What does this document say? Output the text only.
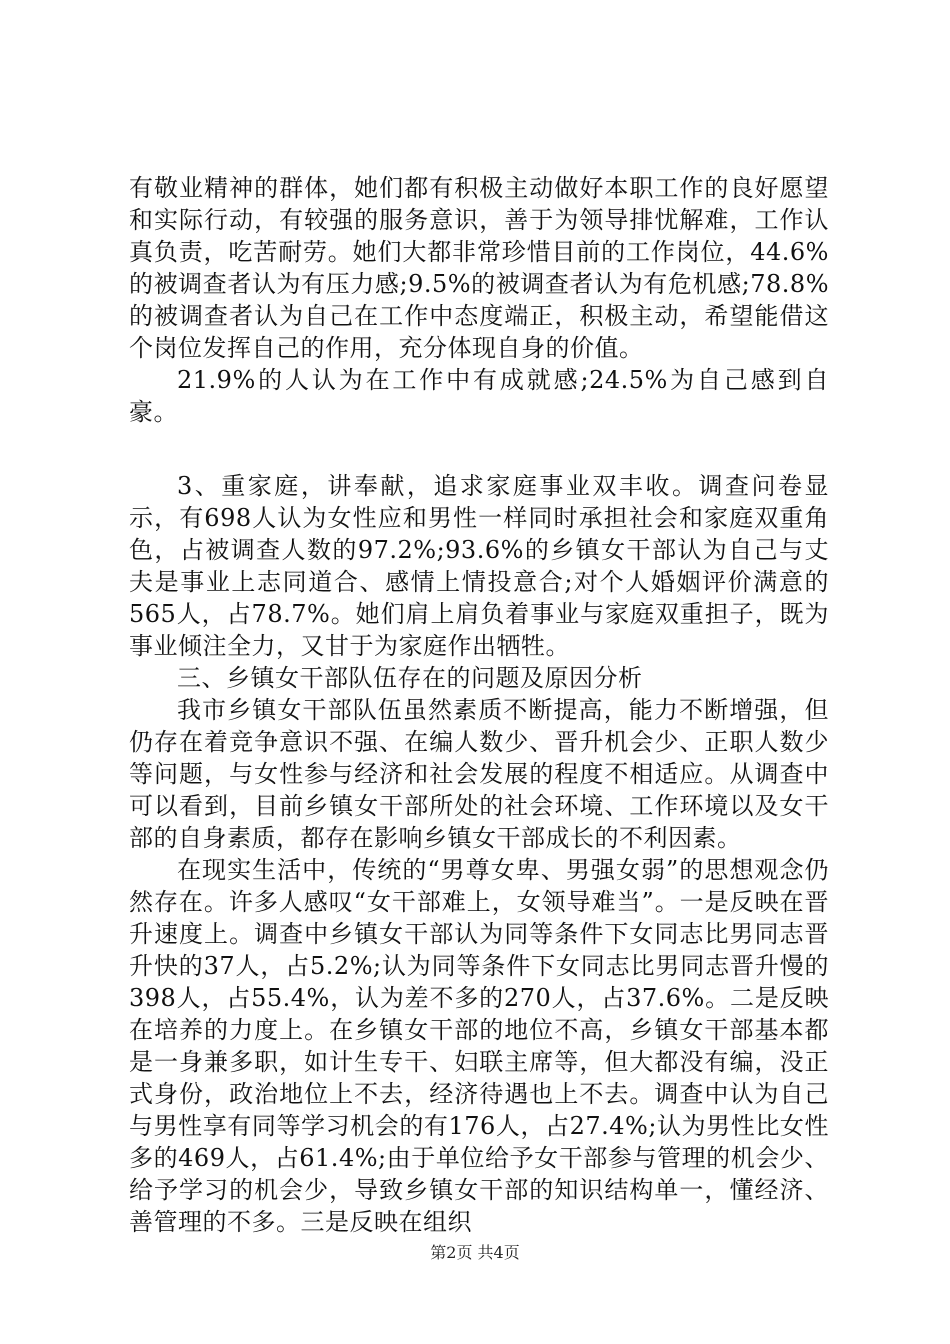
有敬业精神的群体，她们都有积极主动做好本职工作的良好愿望和实际行动，有较强的服务意识，善于为领导排忧解难，工作认真负责，吃苦耐劳。她们大都非常珍惜目前的工作岗位，44.6%的被调查者认为有压力感;9.5%的被调查者认为有危机感;78.8%的被调查者认为自己在工作中态度端正，积极主动，希望能借这个岗位发挥自己的作用，充分体现自身的价值。

21.9%的人认为在工作中有成就感;24.5%为自己感到自豪。

3、重家庭，讲奉献，追求家庭事业双丰收。调查问卷显示，有698人认为女性应和男性一样同时承担社会和家庭双重角色，占被调查人数的97.2%;93.6%的乡镇女干部认为自己与丈夫是事业上志同道合、感情上情投意合;对个人婚姻评价满意的565人，占78.7%。她们肩上肩负着事业与家庭双重担子，既为事业倾注全力，又甘于为家庭作出牺牲。

三、乡镇女干部队伍存在的问题及原因分析

我市乡镇女干部队伍虽然素质不断提高，能力不断增强，但仍存在着竞争意识不强、在编人数少、晋升机会少、正职人数少等问题，与女性参与经济和社会发展的程度不相适应。从调查中可以看到，目前乡镇女干部所处的社会环境、工作环境以及女干部的自身素质，都存在影响乡镇女干部成长的不利因素。

在现实生活中，传统的“男尊女卑、男强女弱”的思想观念仍然存在。许多人感叹“女干部难上，女领导难当”。一是反映在晋升速度上。调查中乡镇女干部认为同等条件下女同志比男同志晋升快的37人，占5.2%;认为同等条件下女同志比男同志晋升慢的398人，占55.4%，认为差不多的270人，占37.6%。二是反映在培养的力度上。在乡镇女干部的地位不高，乡镇女干部基本都是一身兼多职，如计生专干、妇联主席等，但大都没有编，没正式身份，政治地位上不去，经济待遇也上不去。调查中认为自己与男性享有同等学习机会的有176人，占27.4%;认为男性比女性多的469人，占61.4%;由于单位给予女干部参与管理的机会少、给予学习的机会少，导致乡镇女干部的知识结构单一，懂经济、善管理的不多。三是反映在组织

第2页 共4页
